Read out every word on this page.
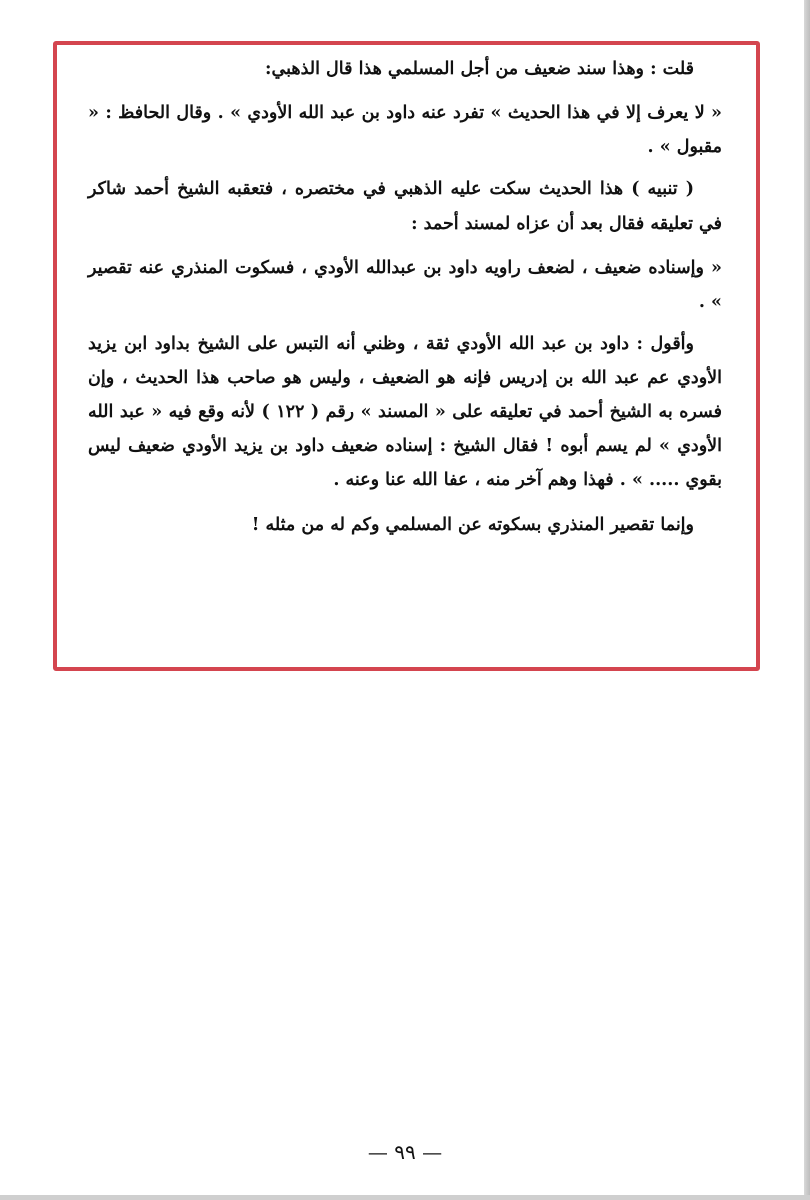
قلت : وهذا سند ضعيف من أجل المسلمي هذا قال الذهبي:

« لا يعرف إلا في هذا الحديث » تفرد عنه داود بن عبد الله الأودي » . وقال الحافظ : « مقبول » .

( تنبيه ) هذا الحديث سكت عليه الذهبي في مختصره ، فتعقبه الشيخ أحمد شاكر في تعليقه فقال بعد أن عزاه لمسند أحمد :

« وإسناده ضعيف ، لضعف راويه داود بن عبدالله الأودي ، فسكوت المنذري عنه تقصير » .

وأقول : داود بن عبد الله الأودي ثقة ، وظني أنه التبس على الشيخ بداود ابن يزيد الأودي عم عبد الله بن إدريس فإنه هو الضعيف ، وليس هو صاحب هذا الحديث ، وإن فسره به الشيخ أحمد في تعليقه على « المسند » رقم ( ١٢٢ ) لأنه وقع فيه « عبد الله الأودي » لم يسم أبوه ! فقال الشيخ : إسناده ضعيف داود بن يزيد الأودي ضعيف ليس بقوي ..... » . فهذا وهم آخر منه ، عفا الله عنا وعنه .

وإنما تقصير المنذري بسكوته عن المسلمي وكم له من مثله !

— ٩٩ —
